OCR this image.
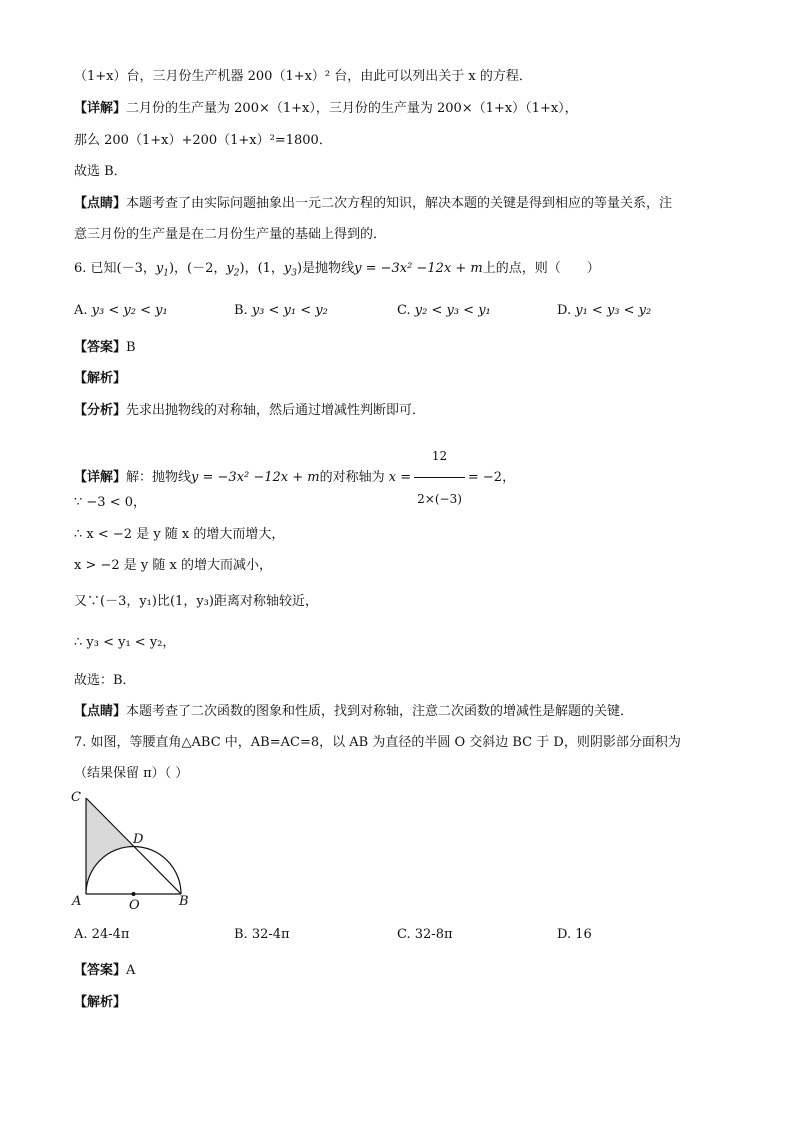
（1+x）台，三月份生产机器 200（1+x）² 台，由此可以列出关于 x 的方程．
【详解】二月份的生产量为 200×（1+x），三月份的生产量为 200×（1+x）（1+x），
那么 200（1+x）+200（1+x）²=1800．
故选 B．
【点睛】本题考查了由实际问题抽象出一元二次方程的知识，解决本题的关键是得到相应的等量关系，注
意三月份的生产量是在二月份生产量的基础上得到的．
6. 已知(－3，$y_1$)，(－2，$y_2$)，(1，$y_3$)是抛物线y = −3x² −12x + m上的点，则（　　）
A. y₃ < y₂ < y₁	B. y₃ < y₁ < y₂	C. y₂ < y₃ < y₁	D. y₁ < y₃ < y₂
【答案】B
【解析】
【分析】先求出抛物线的对称轴，然后通过增减性判断即可．
【详解】解：抛物线y = −3x² −12x + m的对称轴为 $x = \frac{12}{2\times(-3)} = -2$，
∵ −3 < 0，
∴ x < −2 是 y 随 x 的增大而增大，
x > −2 是 y 随 x 的增大而减小，
又∵(－3，y₁)比(1，y₃)距离对称轴较近，
∴ y₃ < y₁ < y₂，
故选：B．
【点睛】本题考查了二次函数的图象和性质，找到对称轴，注意二次函数的增减性是解题的关键．
7. 如图，等腰直角△ABC 中，AB=AC=8，以 AB 为直径的半圆 O 交斜边 BC 于 D，则阴影部分面积为
（结果保留 π）（ ）
C
D
A	O	B
A. 24-4π	B. 32-4π	C. 32-8π	D. 16
【答案】A
【解析】
